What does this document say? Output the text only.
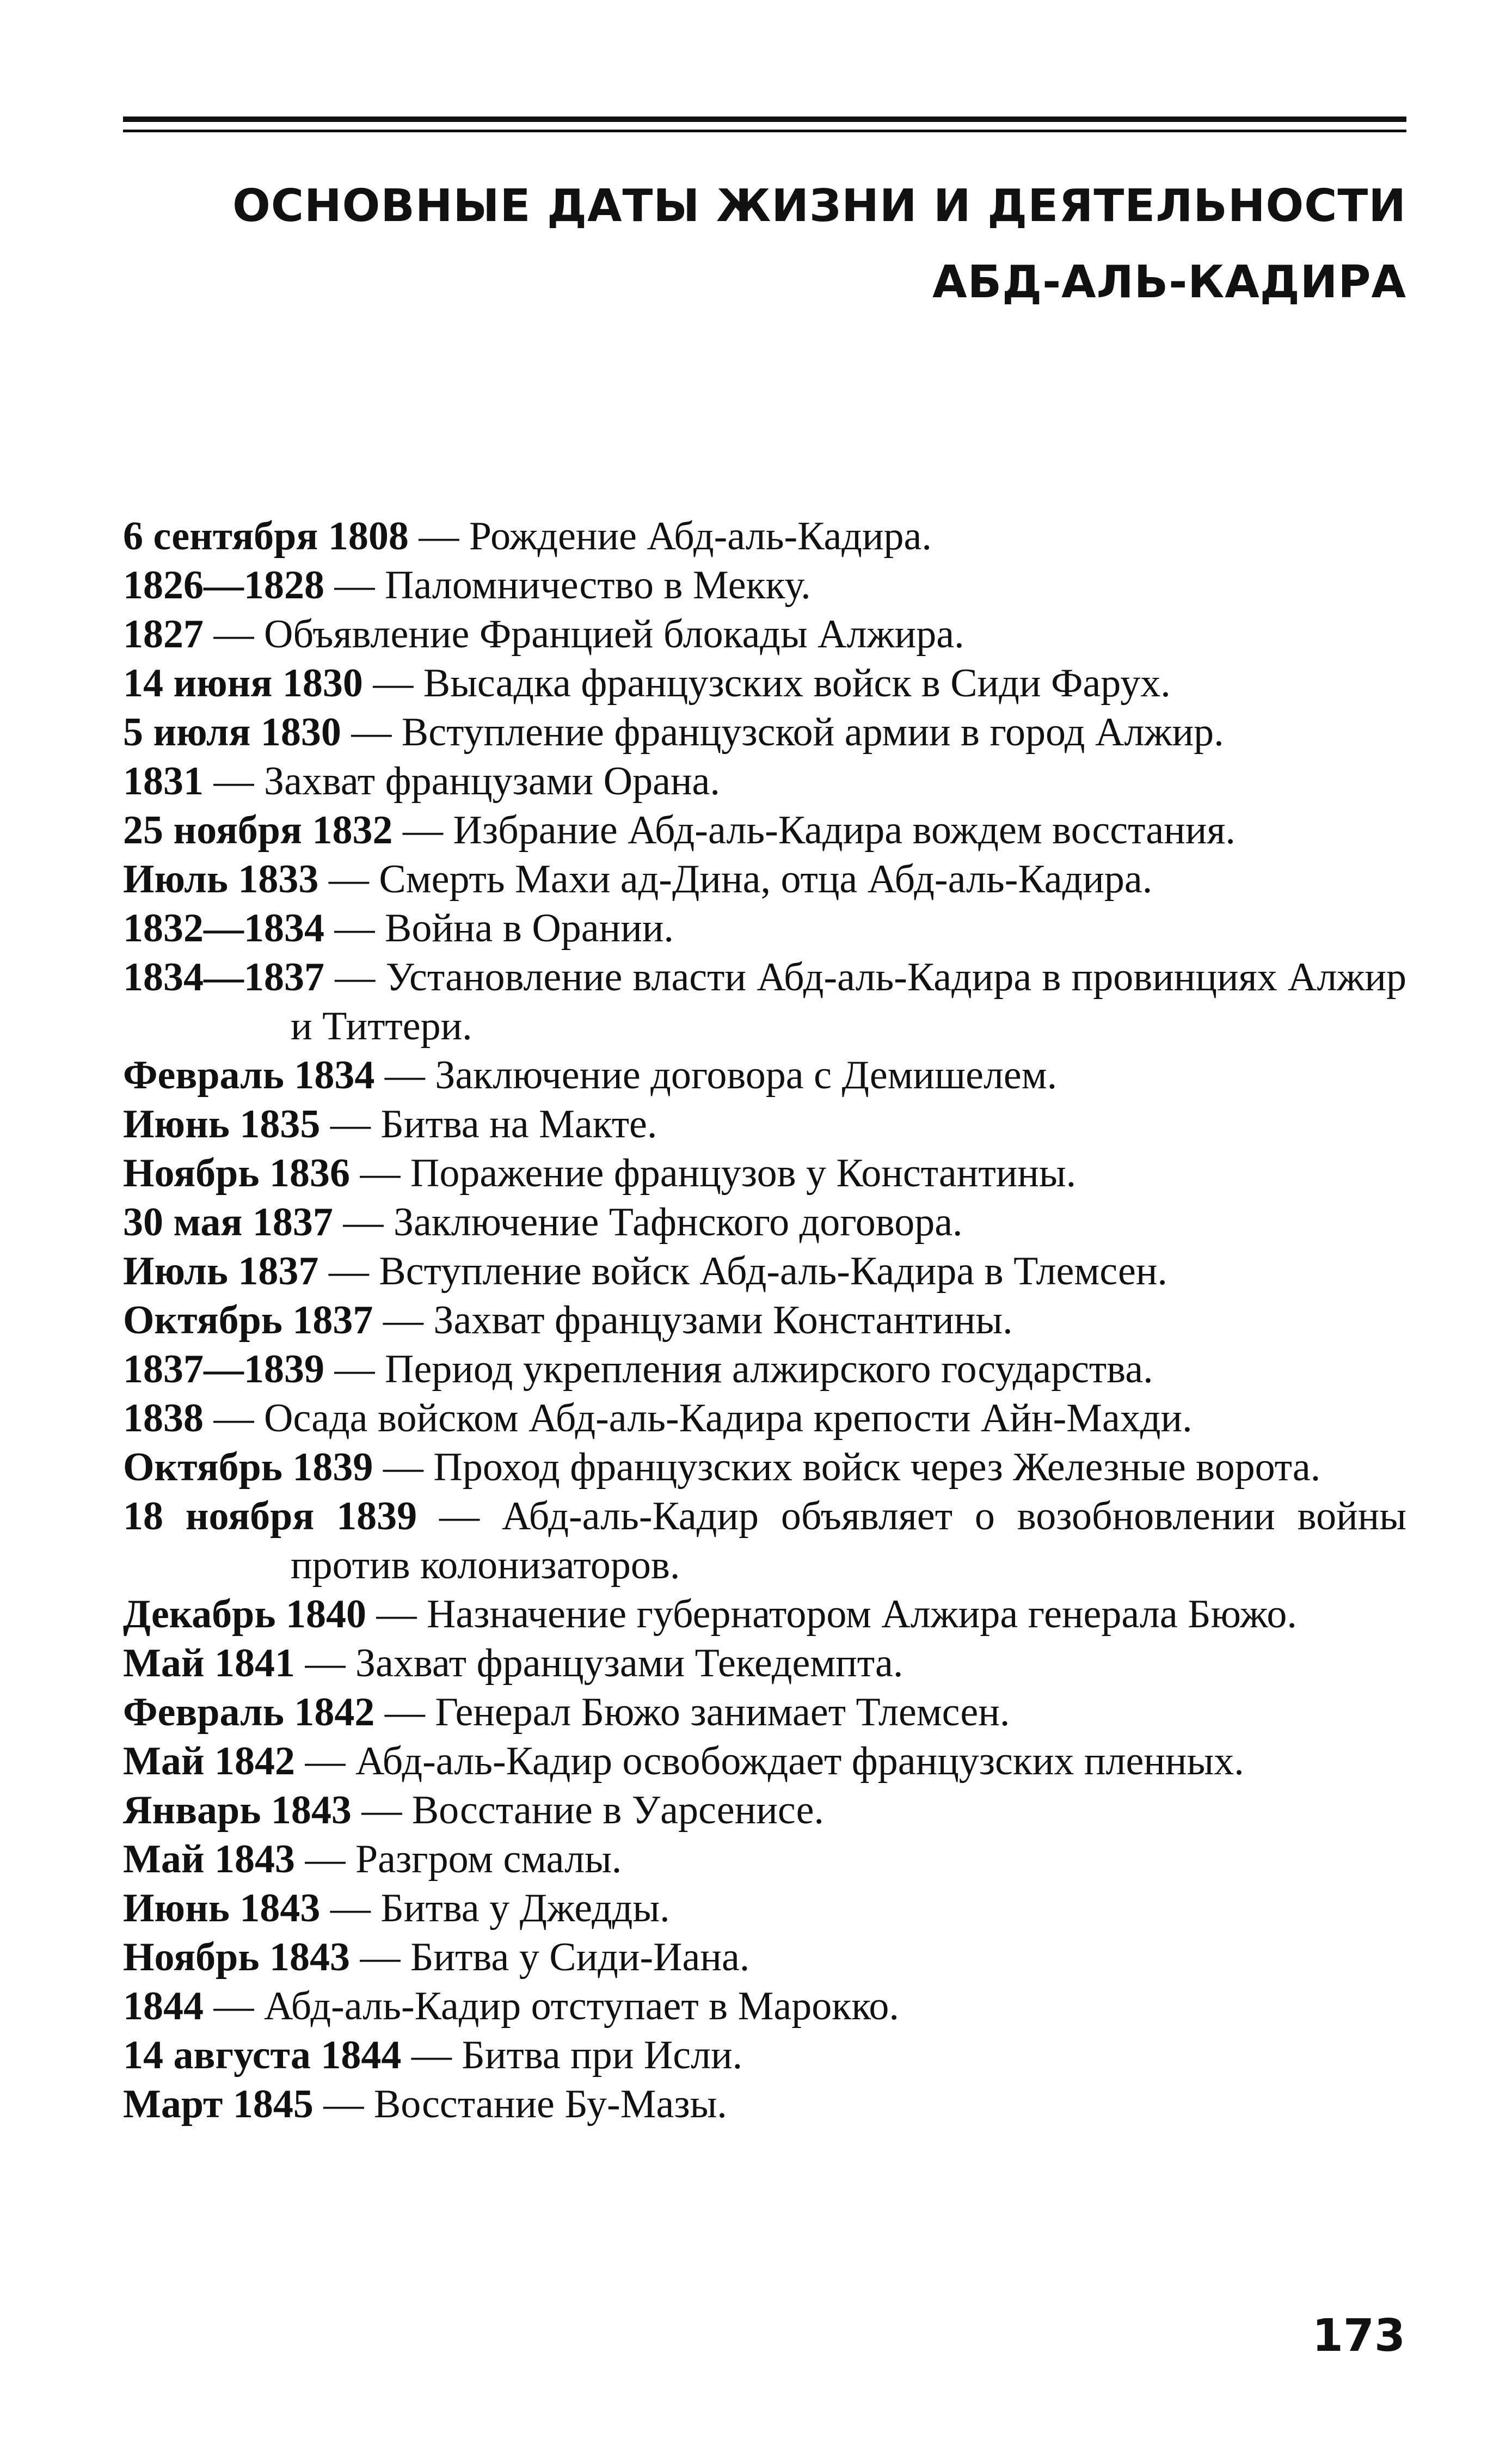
ОСНОВНЫЕ ДАТЫ ЖИЗНИ И ДЕЯТЕЛЬНОСТИ
АБД-АЛЬ-КАДИРА

6 сентября 1808 — Рождение Абд-аль-Кадира.

1826—1828 — Паломничество в Мекку.

1827 — Объявление Францией блокады Алжира.

14 июня 1830 — Высадка французских войск в Сиди Фарух.

5 июля 1830 — Вступление французской армии в город Алжир.

1831 — Захват французами Орана.

25 ноября 1832 — Избрание Абд-аль-Кадира вождем восстания.

Июль 1833 — Смерть Махи ад-Дина, отца Абд-аль-Кадира.

1832—1834 — Война в Орании.

1834—1837 — Установление власти Абд-аль-Кадира в провинциях Алжир и Титтери.

Февраль 1834 — Заключение договора с Демишелем.

Июнь 1835 — Битва на Макте.

Ноябрь 1836 — Поражение французов у Константины.

30 мая 1837 — Заключение Тафнского договора.

Июль 1837 — Вступление войск Абд-аль-Кадира в Тлемсен.

Октябрь 1837 — Захват французами Константины.

1837—1839 — Период укрепления алжирского государства.

1838 — Осада войском Абд-аль-Кадира крепости Айн-Махди.

Октябрь 1839 — Проход французских войск через Железные ворота.

18 ноября 1839 — Абд-аль-Кадир объявляет о возобновлении войны против колонизаторов.

Декабрь 1840 — Назначение губернатором Алжира генерала Бюжо.

Май 1841 — Захват французами Текедемпта.

Февраль 1842 — Генерал Бюжо занимает Тлемсен.

Май 1842 — Абд-аль-Кадир освобождает французских пленных.

Январь 1843 — Восстание в Уарсенисе.

Май 1843 — Разгром смалы.

Июнь 1843 — Битва у Джедды.

Ноябрь 1843 — Битва у Сиди-Иана.

1844 — Абд-аль-Кадир отступает в Марокко.

14 августа 1844 — Битва при Исли.

Март 1845 — Восстание Бу-Мазы.

173
